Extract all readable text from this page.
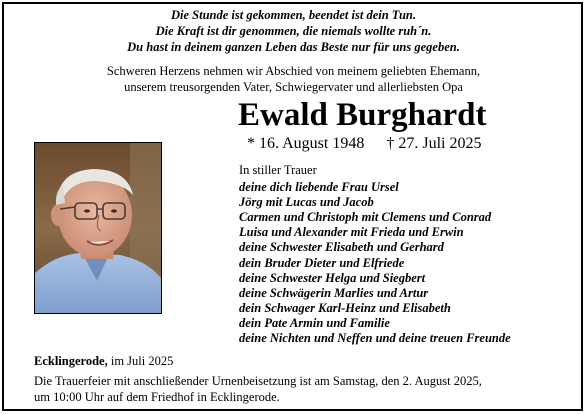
Die Stunde ist gekommen, beendet ist dein Tun.
Die Kraft ist dir genommen, die niemals wollte ruh´n.
Du hast in deinem ganzen Leben das Beste nur für uns gegeben.
Schweren Herzens nehmen wir Abschied von meinem geliebten Ehemann,
unserem treusorgenden Vater, Schwiegervater und allerliebsten Opa
Ewald Burghardt
* 16. August 1948 † 27. Juli 2025
In stiller Trauer
deine dich liebende Frau Ursel
Jörg mit Lucas und Jacob
Carmen und Christoph mit Clemens und Conrad
Luisa und Alexander mit Frieda und Erwin
deine Schwester Elisabeth und Gerhard
dein Bruder Dieter und Elfriede
deine Schwester Helga und Siegbert
deine Schwägerin Marlies und Artur
dein Schwager Karl-Heinz und Elisabeth
dein Pate Armin und Familie
deine Nichten und Neffen und deine treuen Freunde
Ecklingerode, im Juli 2025
Die Trauerfeier mit anschließender Urnenbeisetzung ist am Samstag, den 2. August 2025,
um 10:00 Uhr auf dem Friedhof in Ecklingerode.
